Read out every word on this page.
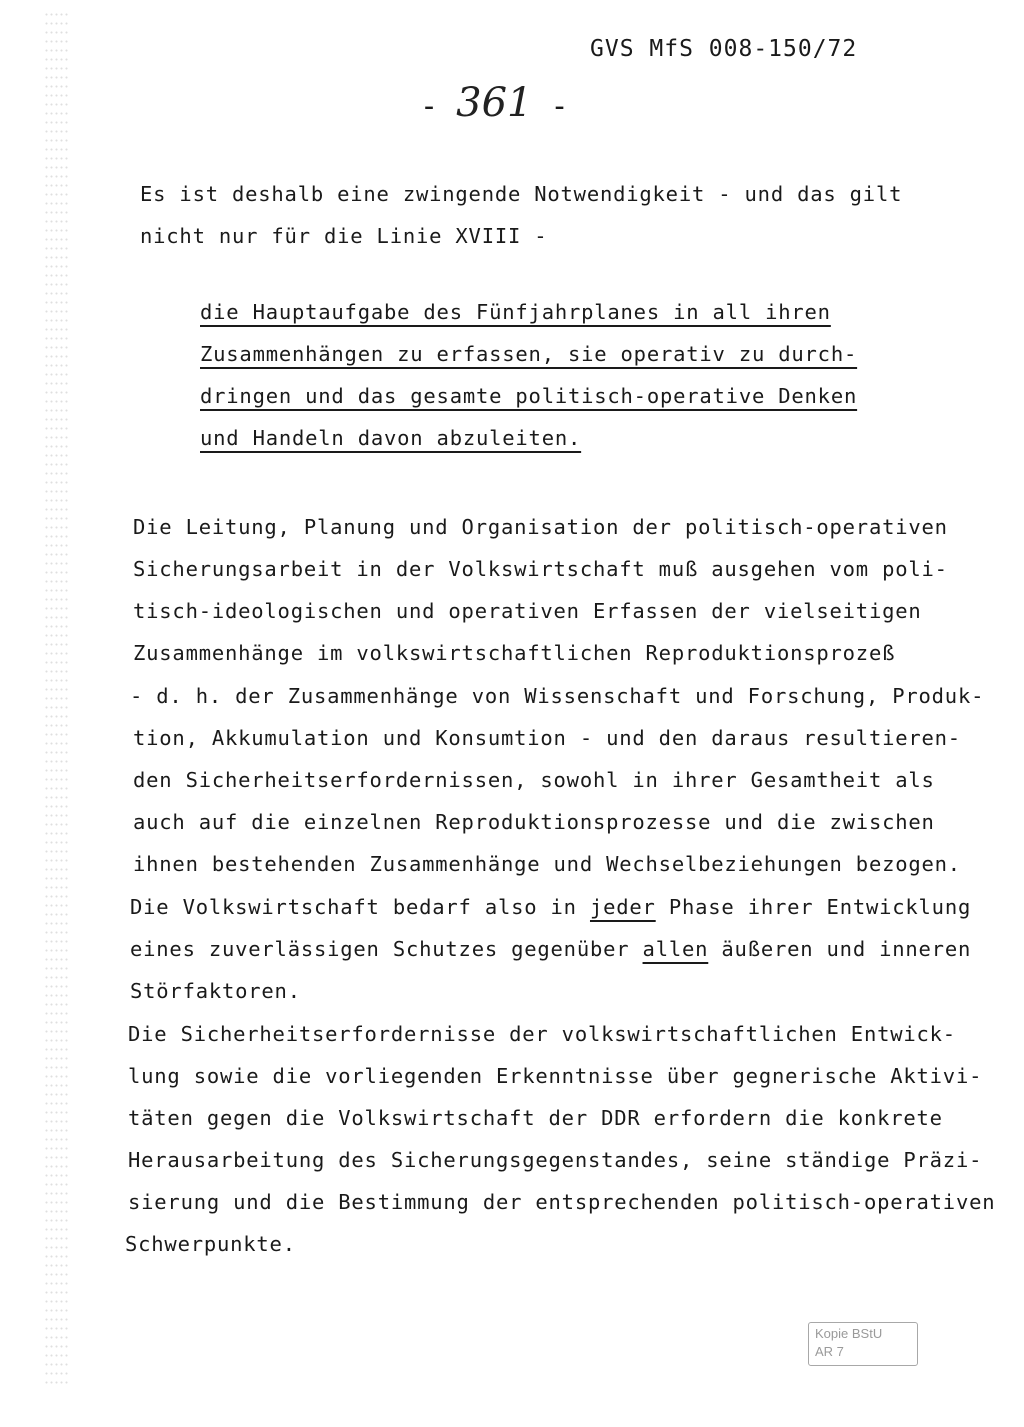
GVS MfS 008-150/72
- 361 -
Es ist deshalb eine zwingende Notwendigkeit - und das gilt
nicht nur für die Linie XVIII -
die Hauptaufgabe des Fünfjahrplanes in all ihren
Zusammenhängen zu erfassen, sie operativ zu durch-
dringen und das gesamte politisch-operative Denken
und Handeln davon abzuleiten.
Die Leitung, Planung und Organisation der politisch-operativen
Sicherungsarbeit in der Volkswirtschaft muß ausgehen vom poli-
tisch-ideologischen und operativen Erfassen der vielseitigen
Zusammenhänge im volkswirtschaftlichen Reproduktionsprozeß
- d. h. der Zusammenhänge von Wissenschaft und Forschung, Produk-
tion, Akkumulation und Konsumtion - und den daraus resultieren-
den Sicherheitserfordernissen, sowohl in ihrer Gesamtheit als
auch auf die einzelnen Reproduktionsprozesse und die zwischen
ihnen bestehenden Zusammenhänge und Wechselbeziehungen bezogen.
Die Volkswirtschaft bedarf also in jeder Phase ihrer Entwicklung
eines zuverlässigen Schutzes gegenüber allen äußeren und inneren
Störfaktoren.
Die Sicherheitserfordernisse der volkswirtschaftlichen Entwick-
lung sowie die vorliegenden Erkenntnisse über gegnerische Aktivi-
täten gegen die Volkswirtschaft der DDR erfordern die konkrete
Herausarbeitung des Sicherungsgegenstandes, seine ständige Präzi-
sierung und die Bestimmung der entsprechenden politisch-operativen
Schwerpunkte.
Kopie BStU
AR 7
